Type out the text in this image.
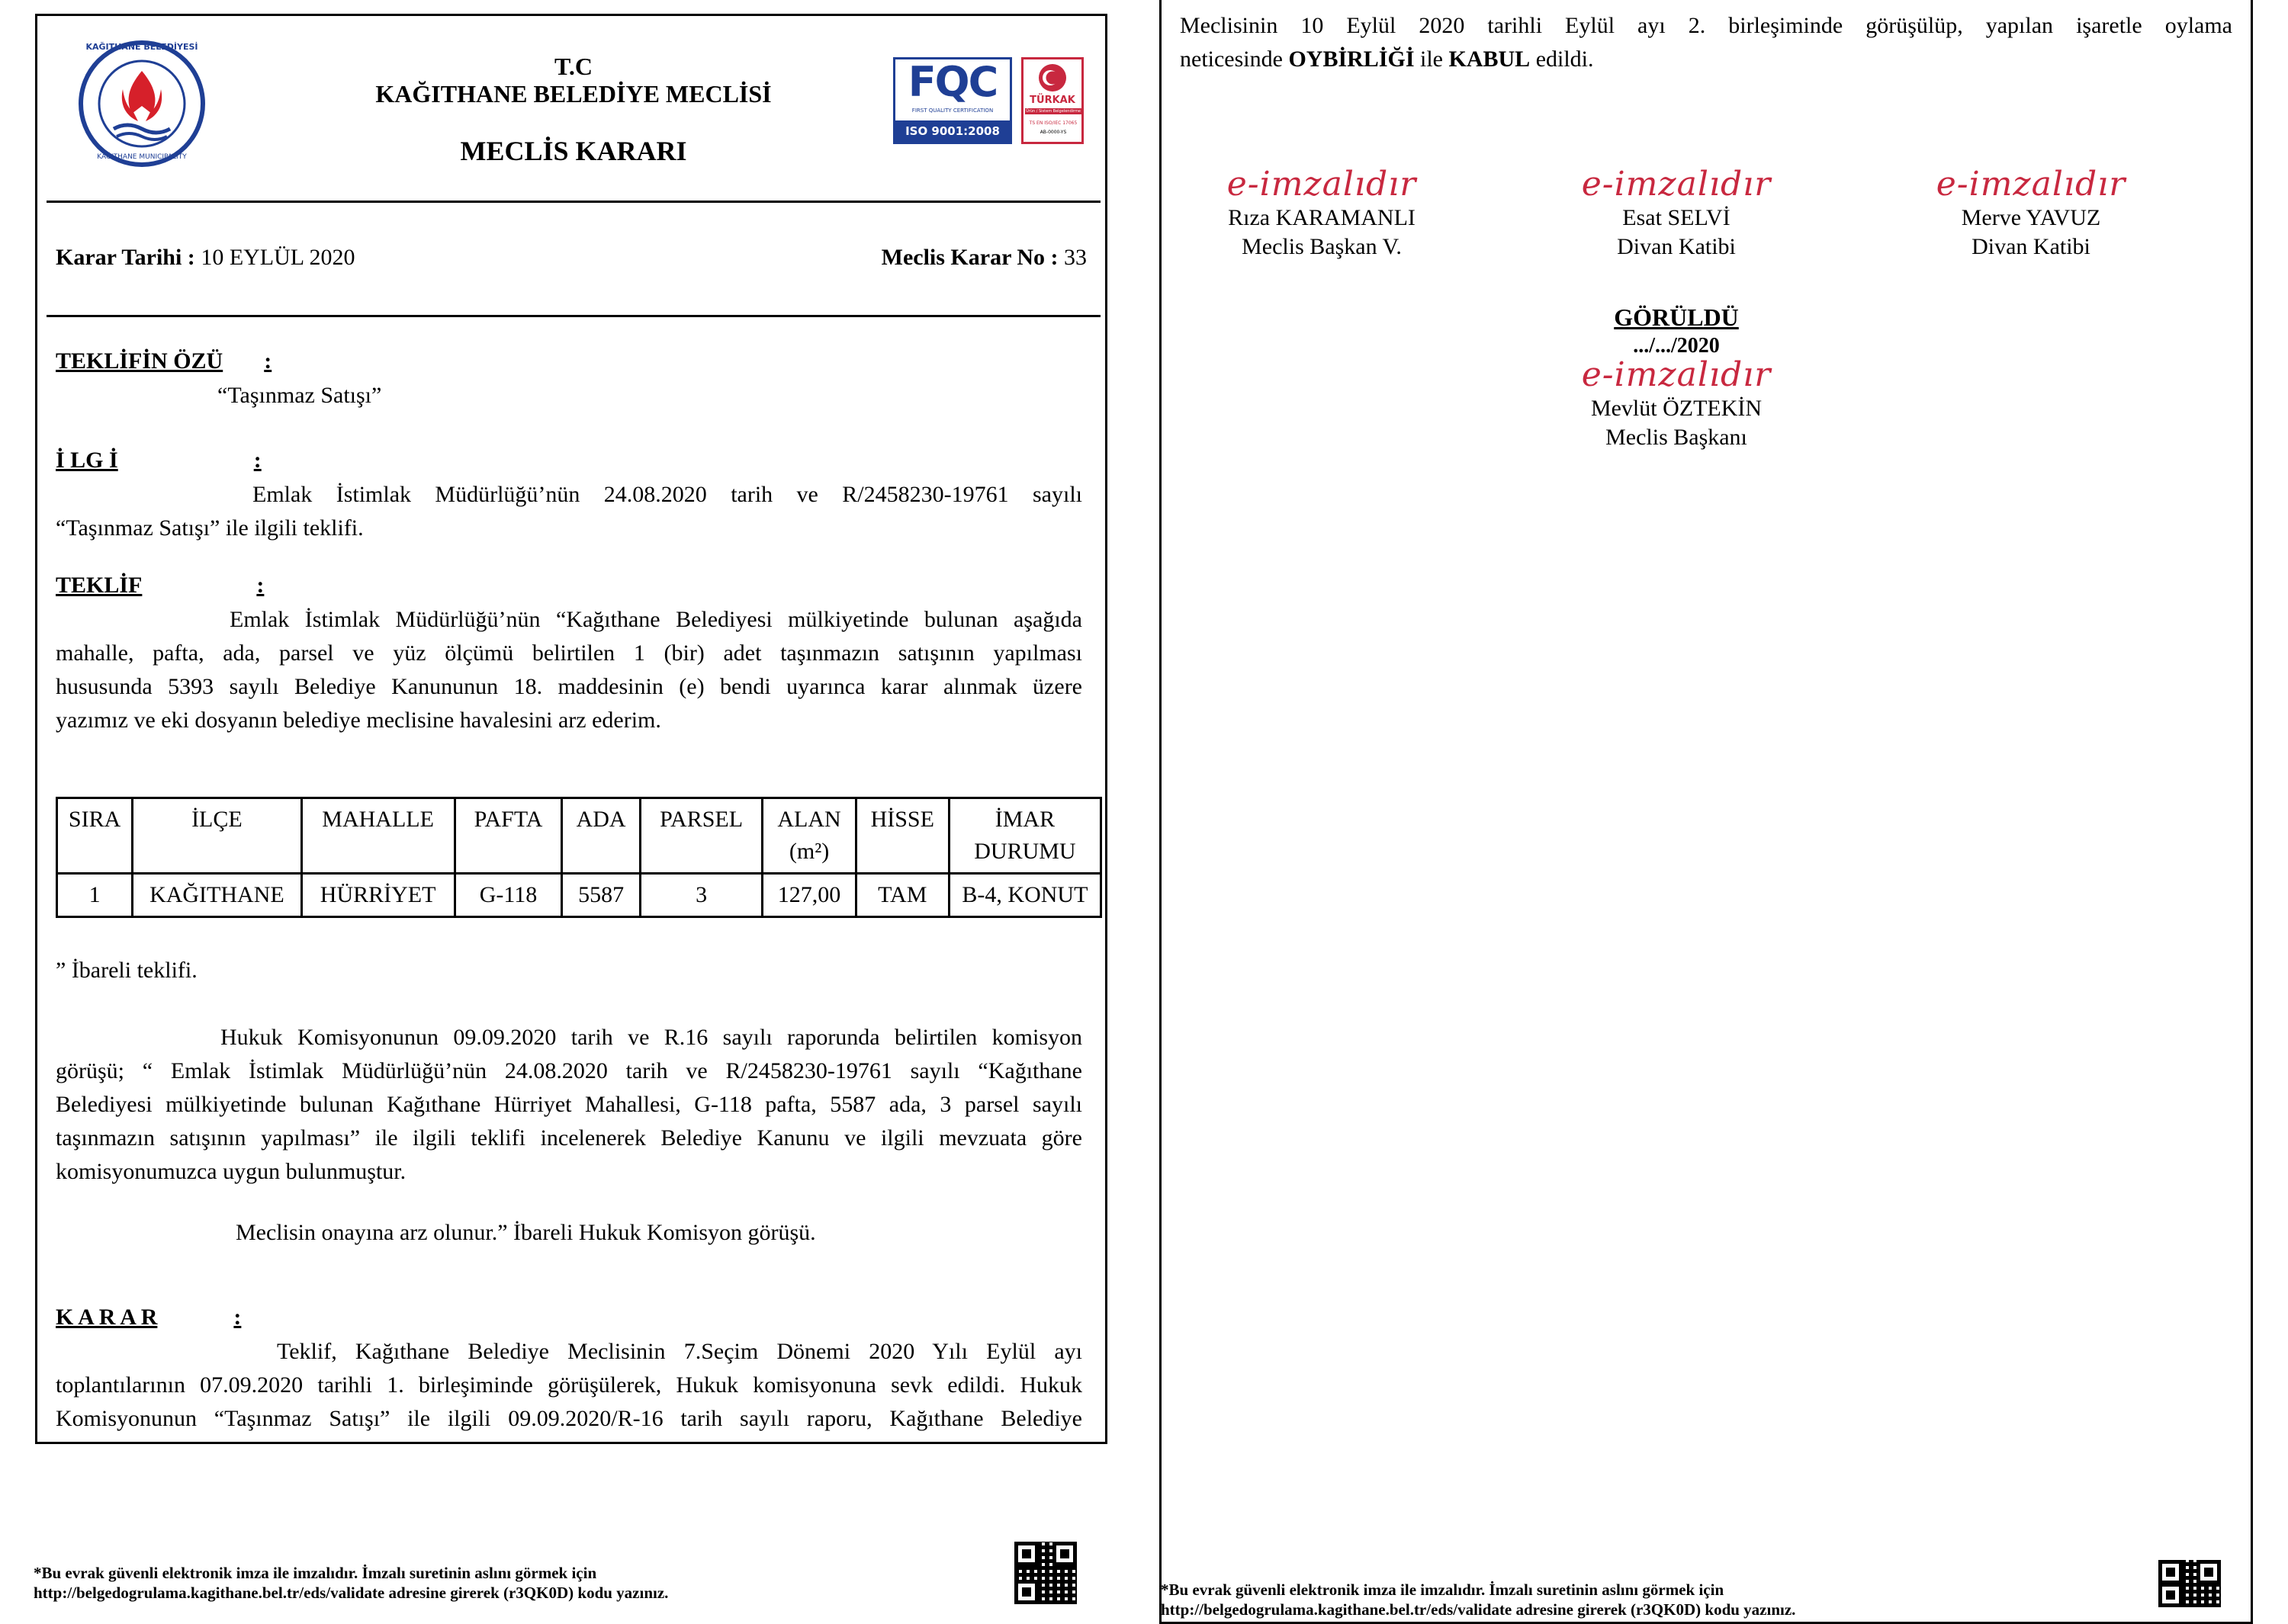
KAĞITHANE BELEDİYESİ
KAĞITHANE MUNICIPALITY
T.C
KAĞITHANE BELEDİYE MECLİSİ
MECLİS KARARI
FQC
FIRST QUALITY CERTIFICATION
ISO 9001:2008
TÜRKAK
Ürün / Sistem Belgelendirme
TS EN ISO/IEC 17065
AB-0000-YS
Karar Tarihi : 10 EYLÜL 2020	Meclis Karar No : 33
TEKLİFİN ÖZÜ :
“Taşınmaz Satışı”
İ LG İ	:
Emlak İstimlak Müdürlüğü’nün 24.08.2020 tarih ve R/2458230-19761 sayılı
“Taşınmaz Satışı” ile ilgili teklifi.
TEKLİF	:
Emlak İstimlak Müdürlüğü’nün “Kağıthane Belediyesi mülkiyetinde bulunan aşağıda
mahalle, pafta, ada, parsel ve yüz ölçümü belirtilen 1 (bir) adet taşınmazın satışının yapılması
hususunda 5393 sayılı Belediye Kanununun 18. maddesinin (e) bendi uyarınca karar alınmak üzere
yazımız ve eki dosyanın belediye meclisine havalesini arz ederim.
SIRA	İLÇE	MAHALLE	PAFTA	ADA	PARSEL	ALAN (m²)	HİSSE	İMAR DURUMU
1	KAĞITHANE	HÜRRİYET	G-118	5587	3	127,00	TAM	B-4, KONUT
” İbareli teklifi.
Hukuk Komisyonunun 09.09.2020 tarih ve R.16 sayılı raporunda belirtilen komisyon
görüşü; “ Emlak İstimlak Müdürlüğü’nün 24.08.2020 tarih ve R/2458230-19761 sayılı “Kağıthane
Belediyesi mülkiyetinde bulunan Kağıthane Hürriyet Mahallesi, G-118 pafta, 5587 ada, 3 parsel sayılı
taşınmazın satışının yapılması” ile ilgili teklifi incelenerek Belediye Kanunu ve ilgili mevzuata göre
komisyonumuzca uygun bulunmuştur.
Meclisin onayına arz olunur.” İbareli Hukuk Komisyon görüşü.
K A R A R	:
Teklif, Kağıthane Belediye Meclisinin 7.Seçim Dönemi 2020 Yılı Eylül ayı
toplantılarının 07.09.2020 tarihli 1. birleşiminde görüşülerek, Hukuk komisyonuna sevk edildi. Hukuk
Komisyonunun “Taşınmaz Satışı” ile ilgili 09.09.2020/R-16 tarih sayılı raporu, Kağıthane Belediye
*Bu evrak güvenli elektronik imza ile imzalıdır. İmzalı suretinin aslını görmek için
http://belgedogrulama.kagithane.bel.tr/eds/validate adresine girerek (r3QK0D) kodu yazınız.
Meclisinin 10 Eylül 2020 tarihli Eylül ayı 2. birleşiminde görüşülüp, yapılan işaretle oylama
neticesinde OYBİRLİĞİ ile KABUL edildi.
e-imzalıdır
Rıza KARAMANLI
Meclis Başkan V.
e-imzalıdır
Esat SELVİ
Divan Katibi
e-imzalıdır
Merve YAVUZ
Divan Katibi
GÖRÜLDÜ
.../.../2020
e-imzalıdır
Mevlüt ÖZTEKİN
Meclis Başkanı
*Bu evrak güvenli elektronik imza ile imzalıdır. İmzalı suretinin aslını görmek için
http://belgedogrulama.kagithane.bel.tr/eds/validate adresine girerek (r3QK0D) kodu yazınız.
